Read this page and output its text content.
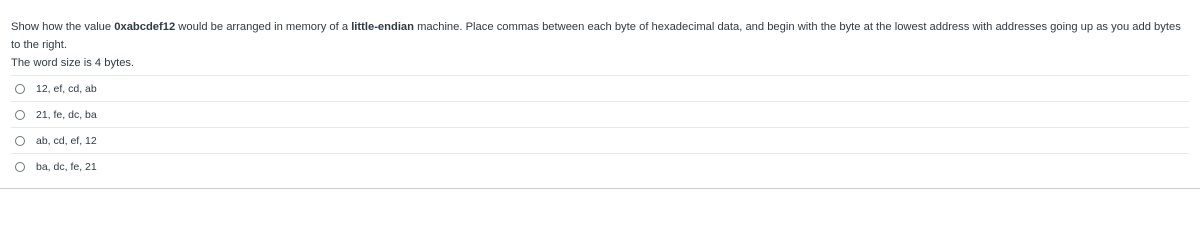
Show how the value 0xabcdef12 would be arranged in memory of a little-endian machine. Place commas between each byte of hexadecimal data, and begin with the byte at the lowest address with addresses going up as you add bytes to the right.
The word size is 4 bytes.
12, ef, cd, ab
21, fe, dc, ba
ab, cd, ef, 12
ba, dc, fe, 21
